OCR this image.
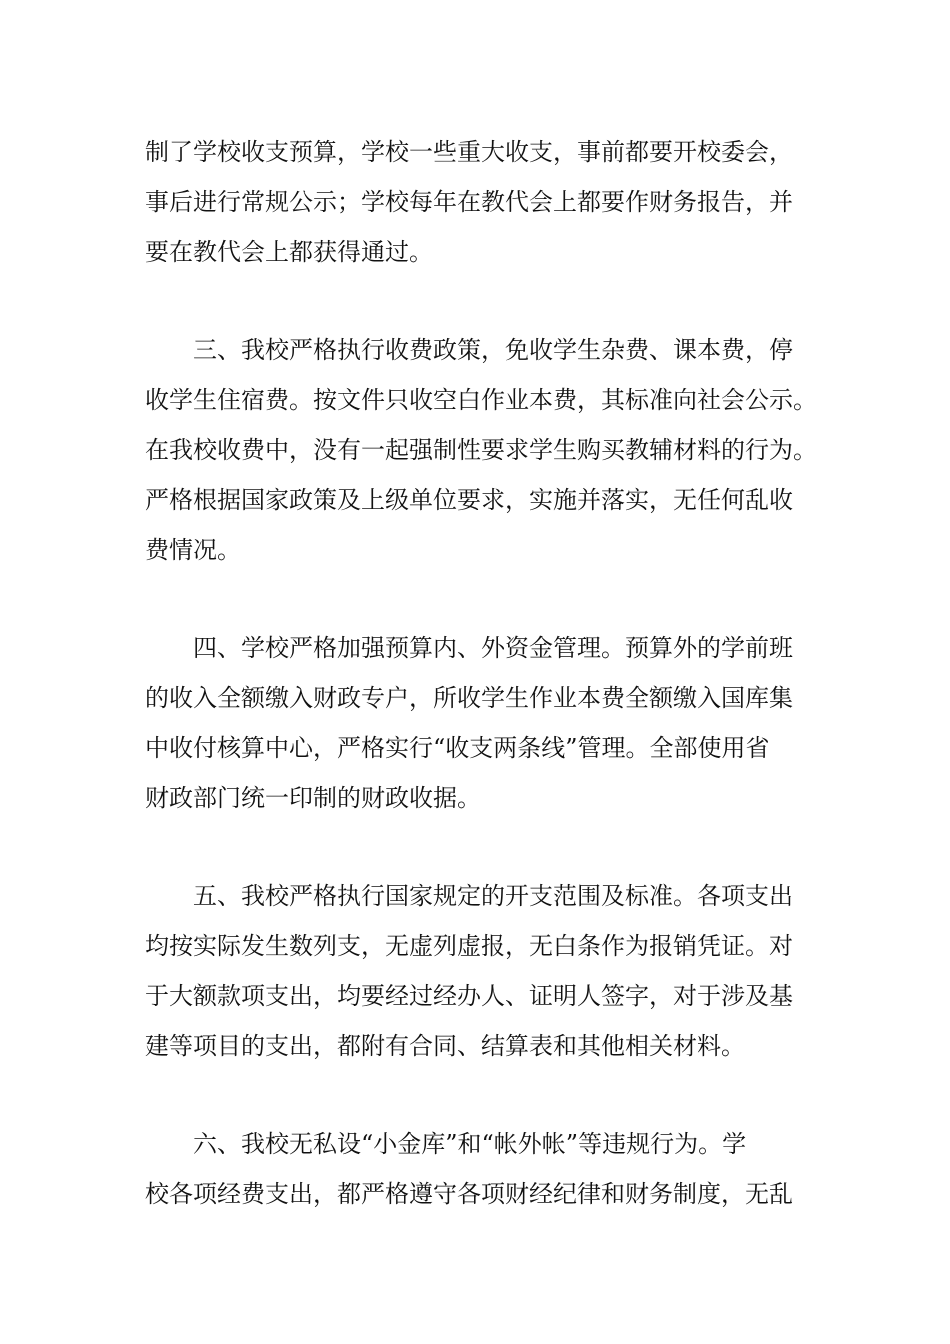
制了学校收支预算，学校一些重大收支，事前都要开校委会，
事后进行常规公示；学校每年在教代会上都要作财务报告，并
要在教代会上都获得通过。
　　三、我校严格执行收费政策，免收学生杂费、课本费，停
收学生住宿费。按文件只收空白作业本费，其标准向社会公示。
在我校收费中，没有一起强制性要求学生购买教辅材料的行为。
严格根据国家政策及上级单位要求，实施并落实，无任何乱收
费情况。
　　四、学校严格加强预算内、外资金管理。预算外的学前班
的收入全额缴入财政专户，所收学生作业本费全额缴入国库集
中收付核算中心，严格实行“收支两条线”管理。全部使用省
财政部门统一印制的财政收据。
　　五、我校严格执行国家规定的开支范围及标准。各项支出
均按实际发生数列支，无虚列虚报，无白条作为报销凭证。对
于大额款项支出，均要经过经办人、证明人签字，对于涉及基
建等项目的支出，都附有合同、结算表和其他相关材料。
　　六、我校无私设“小金库”和“帐外帐”等违规行为。学
校各项经费支出，都严格遵守各项财经纪律和财务制度，无乱
